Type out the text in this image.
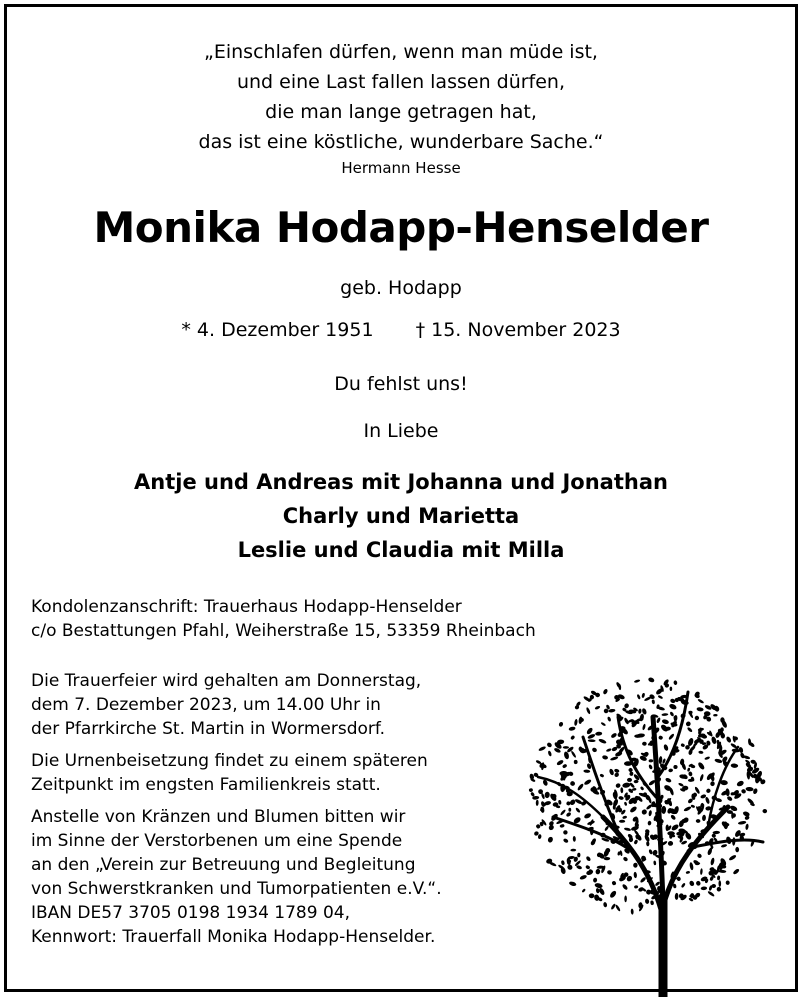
„Einschlafen dürfen, wenn man müde ist,
und eine Last fallen lassen dürfen,
die man lange getragen hat,
das ist eine köstliche, wunderbare Sache.“
Hermann Hesse
Monika Hodapp-Henselder
geb. Hodapp
* 4. Dezember 1951 † 15. November 2023
Du fehlst uns!
In Liebe
Antje und Andreas mit Johanna und Jonathan
Charly und Marietta
Leslie und Claudia mit Milla
Kondolenzanschrift: Trauerhaus Hodapp-Henselder
c/o Bestattungen Pfahl, Weiherstraße 15, 53359 Rheinbach

Die Trauerfeier wird gehalten am Donnerstag,
dem 7. Dezember 2023, um 14.00 Uhr in
der Pfarrkirche St. Martin in Wormersdorf.

Die Urnenbeisetzung findet zu einem späteren
Zeitpunkt im engsten Familienkreis statt.

Anstelle von Kränzen und Blumen bitten wir
im Sinne der Verstorbenen um eine Spende
an den „Verein zur Betreuung und Begleitung
von Schwerstkranken und Tumorpatienten e.V.“.
IBAN DE57 3705 0198 1934 1789 04,
Kennwort: Trauerfall Monika Hodapp-Henselder.
